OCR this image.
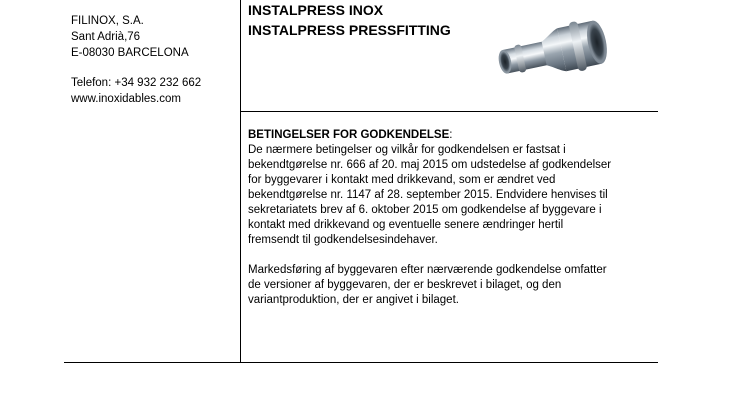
FILINOX, S.A.
Sant Adrià,76
E-08030 BARCELONA
Telefon: +34 932 232 662
www.inoxidables.com
INSTALPRESS INOX
INSTALPRESS PRESSFITTING

BETINGELSER FOR GODKENDELSE:

De nærmere betingelser og vilkår for godkendelsen er fastsat i
bekendtgørelse nr. 666 af 20. maj 2015 om udstedelse af godkendelser
for byggevarer i kontakt med drikkevand, som er ændret ved
bekendtgørelse nr. 1147 af 28. september 2015. Endvidere henvises til
sekretariatets brev af 6. oktober 2015 om godkendelse af byggevare i
kontakt med drikkevand og eventuelle senere ændringer hertil
fremsendt til godkendelsesindehaver.

Markedsføring af byggevaren efter nærværende godkendelse omfatter
de versioner af byggevaren, der er beskrevet i bilaget, og den
variantproduktion, der er angivet i bilaget.
